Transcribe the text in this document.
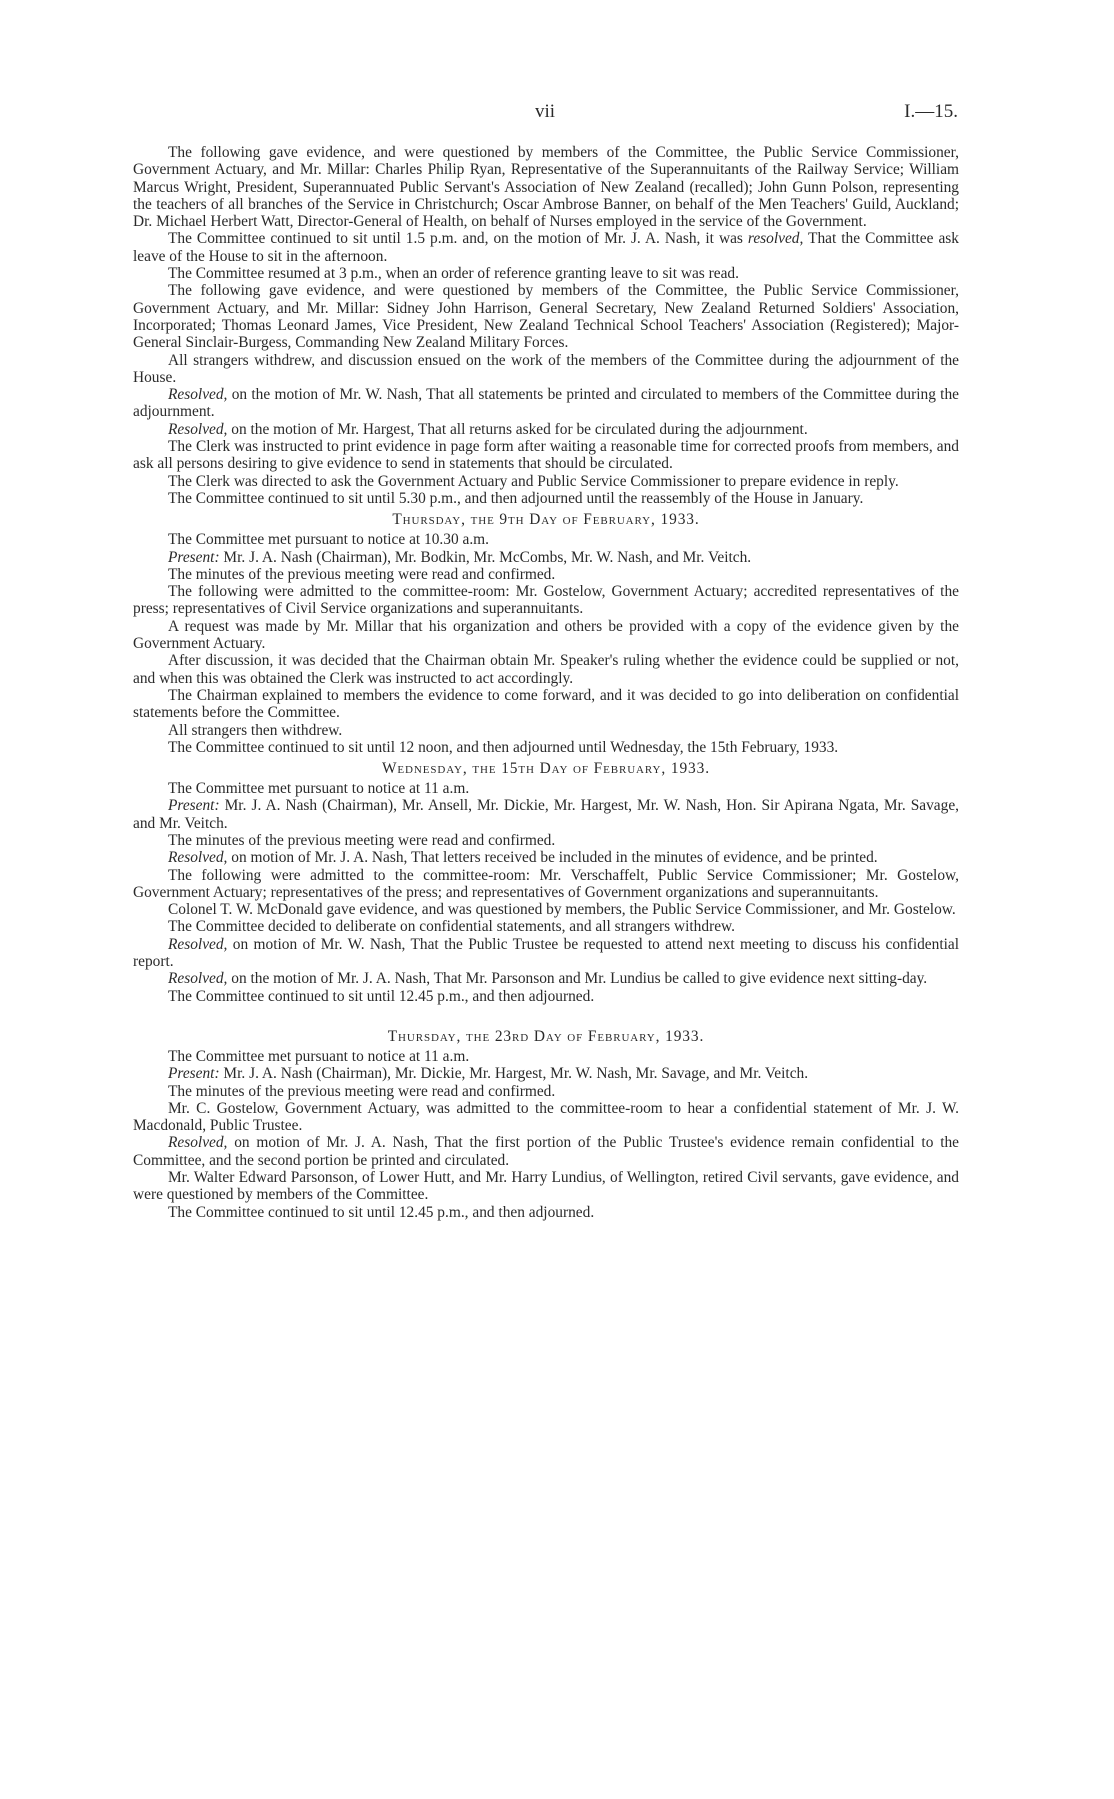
vii	I.—15.

The following gave evidence, and were questioned by members of the Committee, the Public Service Commissioner, Government Actuary, and Mr. Millar: Charles Philip Ryan, Representative of the Superannuitants of the Railway Service; William Marcus Wright, President, Superannuated Public Servant's Association of New Zealand (recalled); John Gunn Polson, representing the teachers of all branches of the Service in Christchurch; Oscar Ambrose Banner, on behalf of the Men Teachers' Guild, Auckland; Dr. Michael Herbert Watt, Director-General of Health, on behalf of Nurses employed in the service of the Government.

The Committee continued to sit until 1.5 p.m. and, on the motion of Mr. J. A. Nash, it was resolved, That the Committee ask leave of the House to sit in the afternoon.

The Committee resumed at 3 p.m., when an order of reference granting leave to sit was read.

The following gave evidence, and were questioned by members of the Committee, the Public Service Commissioner, Government Actuary, and Mr. Millar: Sidney John Harrison, General Secretary, New Zealand Returned Soldiers' Association, Incorporated; Thomas Leonard James, Vice President, New Zealand Technical School Teachers' Association (Registered); Major-General Sinclair-Burgess, Commanding New Zealand Military Forces.

All strangers withdrew, and discussion ensued on the work of the members of the Committee during the adjournment of the House.

Resolved, on the motion of Mr. W. Nash, That all statements be printed and circulated to members of the Committee during the adjournment.

Resolved, on the motion of Mr. Hargest, That all returns asked for be circulated during the adjournment.

The Clerk was instructed to print evidence in page form after waiting a reasonable time for corrected proofs from members, and ask all persons desiring to give evidence to send in statements that should be circulated.

The Clerk was directed to ask the Government Actuary and Public Service Commissioner to prepare evidence in reply.

The Committee continued to sit until 5.30 p.m., and then adjourned until the reassembly of the House in January.

Thursday, the 9th Day of February, 1933.

The Committee met pursuant to notice at 10.30 a.m.

Present: Mr. J. A. Nash (Chairman), Mr. Bodkin, Mr. McCombs, Mr. W. Nash, and Mr. Veitch.

The minutes of the previous meeting were read and confirmed.

The following were admitted to the committee-room: Mr. Gostelow, Government Actuary; accredited representatives of the press; representatives of Civil Service organizations and superannuitants.

A request was made by Mr. Millar that his organization and others be provided with a copy of the evidence given by the Government Actuary.

After discussion, it was decided that the Chairman obtain Mr. Speaker's ruling whether the evidence could be supplied or not, and when this was obtained the Clerk was instructed to act accordingly.

The Chairman explained to members the evidence to come forward, and it was decided to go into deliberation on confidential statements before the Committee.

All strangers then withdrew.

The Committee continued to sit until 12 noon, and then adjourned until Wednesday, the 15th February, 1933.

Wednesday, the 15th Day of February, 1933.

The Committee met pursuant to notice at 11 a.m.

Present: Mr. J. A. Nash (Chairman), Mr. Ansell, Mr. Dickie, Mr. Hargest, Mr. W. Nash, Hon. Sir Apirana Ngata, Mr. Savage, and Mr. Veitch.

The minutes of the previous meeting were read and confirmed.

Resolved, on motion of Mr. J. A. Nash, That letters received be included in the minutes of evidence, and be printed.

The following were admitted to the committee-room: Mr. Verschaffelt, Public Service Commissioner; Mr. Gostelow, Government Actuary; representatives of the press; and representatives of Government organizations and superannuitants.

Colonel T. W. McDonald gave evidence, and was questioned by members, the Public Service Commissioner, and Mr. Gostelow.

The Committee decided to deliberate on confidential statements, and all strangers withdrew.

Resolved, on motion of Mr. W. Nash, That the Public Trustee be requested to attend next meeting to discuss his confidential report.

Resolved, on the motion of Mr. J. A. Nash, That Mr. Parsonson and Mr. Lundius be called to give evidence next sitting-day.

The Committee continued to sit until 12.45 p.m., and then adjourned.

Thursday, the 23rd Day of February, 1933.

The Committee met pursuant to notice at 11 a.m.

Present: Mr. J. A. Nash (Chairman), Mr. Dickie, Mr. Hargest, Mr. W. Nash, Mr. Savage, and Mr. Veitch.

The minutes of the previous meeting were read and confirmed.

Mr. C. Gostelow, Government Actuary, was admitted to the committee-room to hear a confidential statement of Mr. J. W. Macdonald, Public Trustee.

Resolved, on motion of Mr. J. A. Nash, That the first portion of the Public Trustee's evidence remain confidential to the Committee, and the second portion be printed and circulated.

Mr. Walter Edward Parsonson, of Lower Hutt, and Mr. Harry Lundius, of Wellington, retired Civil servants, gave evidence, and were questioned by members of the Committee.

The Committee continued to sit until 12.45 p.m., and then adjourned.
